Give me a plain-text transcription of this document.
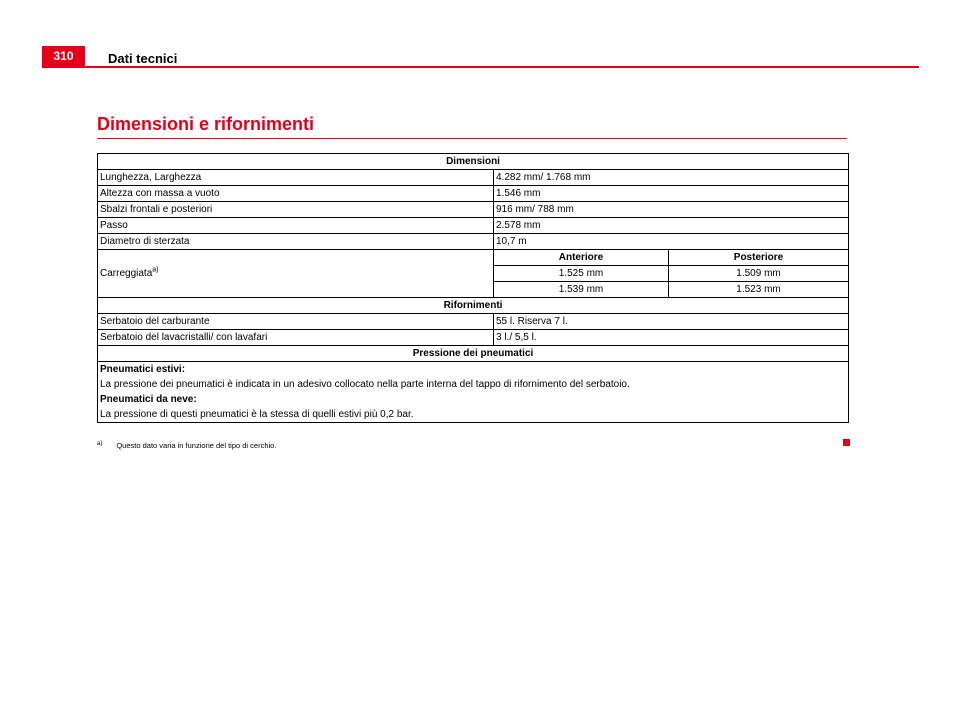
310	Dati tecnici
Dimensioni e rifornimenti
Dimensioni		
Lunghezza, Larghezza	4.282 mm/ 1.768 mm	
Altezza con massa a vuoto	1.546 mm	
Sbalzi frontali e posteriori	916 mm/ 788 mm	
Passo	2.578 mm	
Diametro di sterzata	10,7 m	
Carreggiata$^{a)}$	Anteriore	Posteriore
	1.525 mm	1.509 mm
	1.539 mm	1.523 mm
Rifornimenti		
Serbatoio del carburante	55 l. Riserva 7 l.	
Serbatoio del lavacristalli/ con lavafari	3 l./ 5,5 l.	
Pressione dei pneumatici		

Pneumatici estivi:
La pressione dei pneumatici è indicata in un adesivo collocato nella parte interna del tappo di rifornimento del serbatoio.
Pneumatici da neve:
La pressione di questi pneumatici è la stessa di quelli estivi più 0,2 bar.		
$^{a)}$ Questo dato varia in funzione del tipo di cerchio.
